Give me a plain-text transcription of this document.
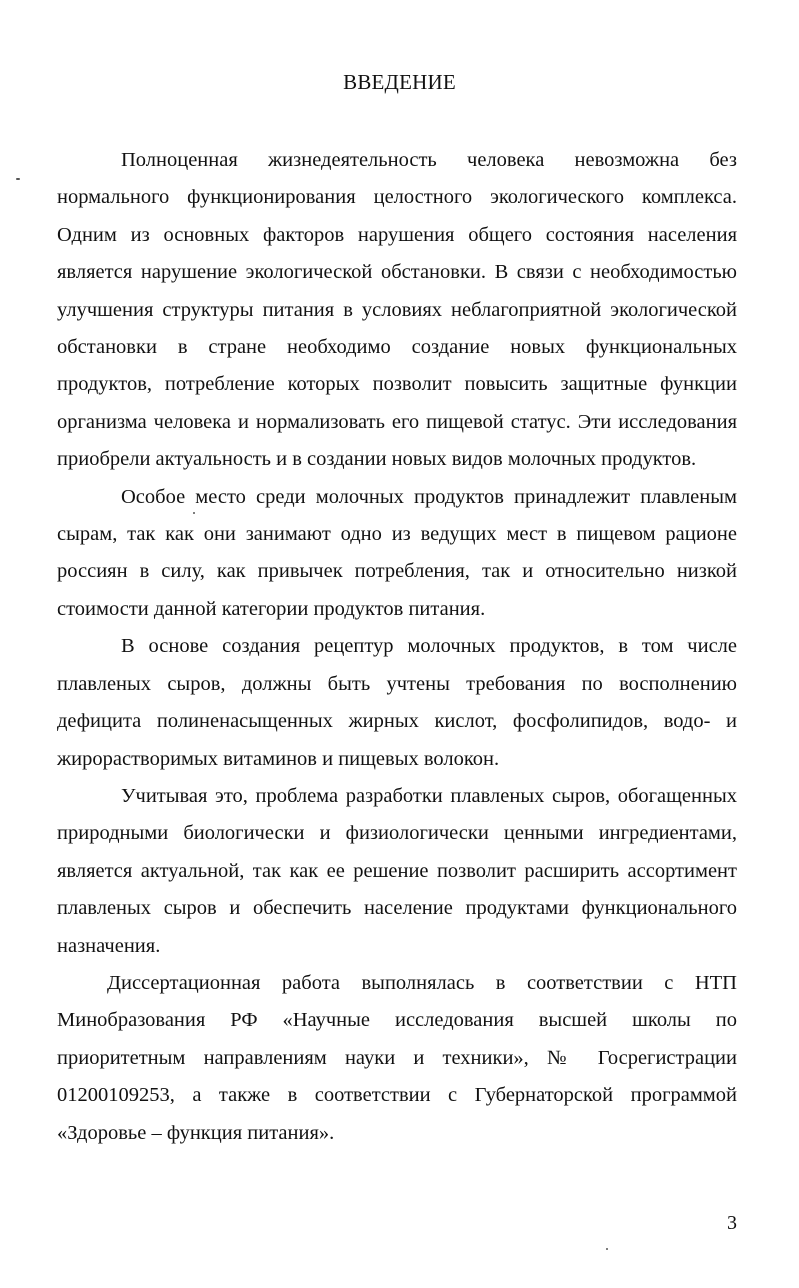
ВВЕДЕНИЕ

Полноценная жизнедеятельность человека невозможна без нормального функционирования целостного экологического комплекса. Одним из основных факторов нарушения общего состояния населения является нарушение экологической обстановки. В связи с необходимостью улучшения структуры питания в условиях неблагоприятной экологической обстановки в стране необходимо создание новых функциональных продуктов, потребление которых позволит повысить защитные функции организма человека и нормализовать его пищевой статус. Эти исследования приобрели актуальность и в создании новых видов молочных продуктов.

Особое место среди молочных продуктов принадлежит плавленым сырам, так как они занимают одно из ведущих мест в пищевом рационе россиян в силу, как привычек потребления, так и относительно низкой стоимости данной категории продуктов питания.

В основе создания рецептур молочных продуктов, в том числе плавленых сыров, должны быть учтены требования по восполнению дефицита полиненасыщенных жирных кислот, фосфолипидов, водо- и жирорастворимых витаминов и пищевых волокон.

Учитывая это, проблема разработки плавленых сыров, обогащенных природными биологически и физиологически ценными ингредиентами, является актуальной, так как ее решение позволит расширить ассортимент плавленых сыров и обеспечить население продуктами функционального назначения.

Диссертационная работа выполнялась в соответствии с НТП Минобразования РФ «Научные исследования высшей школы по приоритетным направлениям науки и техники», № Госрегистрации 01200109253, а также в соответствии с Губернаторской программой «Здоровье – функция питания».

3
